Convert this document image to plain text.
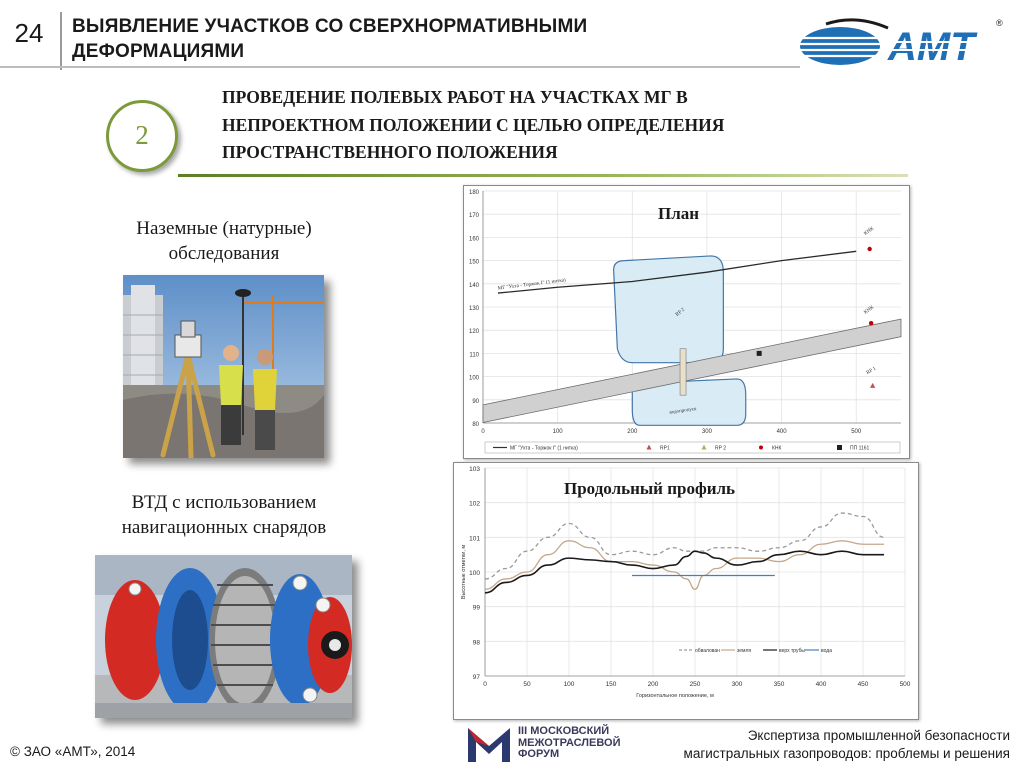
24	ВЫЯВЛЕНИЕ УЧАСТКОВ СО СВЕРХНОРМАТИВНЫМИ
ДЕФОРМАЦИЯМИ	АМТ
®
2
ПРОВЕДЕНИЕ ПОЛЕВЫХ РАБОТ НА УЧАСТКАХ МГ В
НЕПРОЕКТНОМ ПОЛОЖЕНИИ С ЦЕЛЬЮ ОПРЕДЕЛЕНИЯ
ПРОСТРАНСТВЕННОГО ПОЛОЖЕНИЯ
Наземные (натурные)
обследования
ВТД с использованием
навигационных снарядов
80
90
100
110
120
130
140
150
160
170
180
0	100	200	300	400	500
МГ "Ухта - Торжок I" (1 нитка)
RP 2
водопропуск
КНК
КНК
RP 1
МГ "Ухта - Торжок I" (1 нитка)	RP1	RP 2	КНК	ПП 1161
План
97
98
99
100
101
102
103
0	50	100	150	200	250	300	350	400	450	500
Горизонтальное положение, м
Высотные отметки, м
обвалован	земля	верх трубы	вода
Продольный профиль
© ЗАО «АМТ», 2014
III МОСКОВСКИЙ
МЕЖОТРАСЛЕВОЙ
ФОРУМ
Экспертиза промышленной безопасности
магистральных газопроводов: проблемы и решения
